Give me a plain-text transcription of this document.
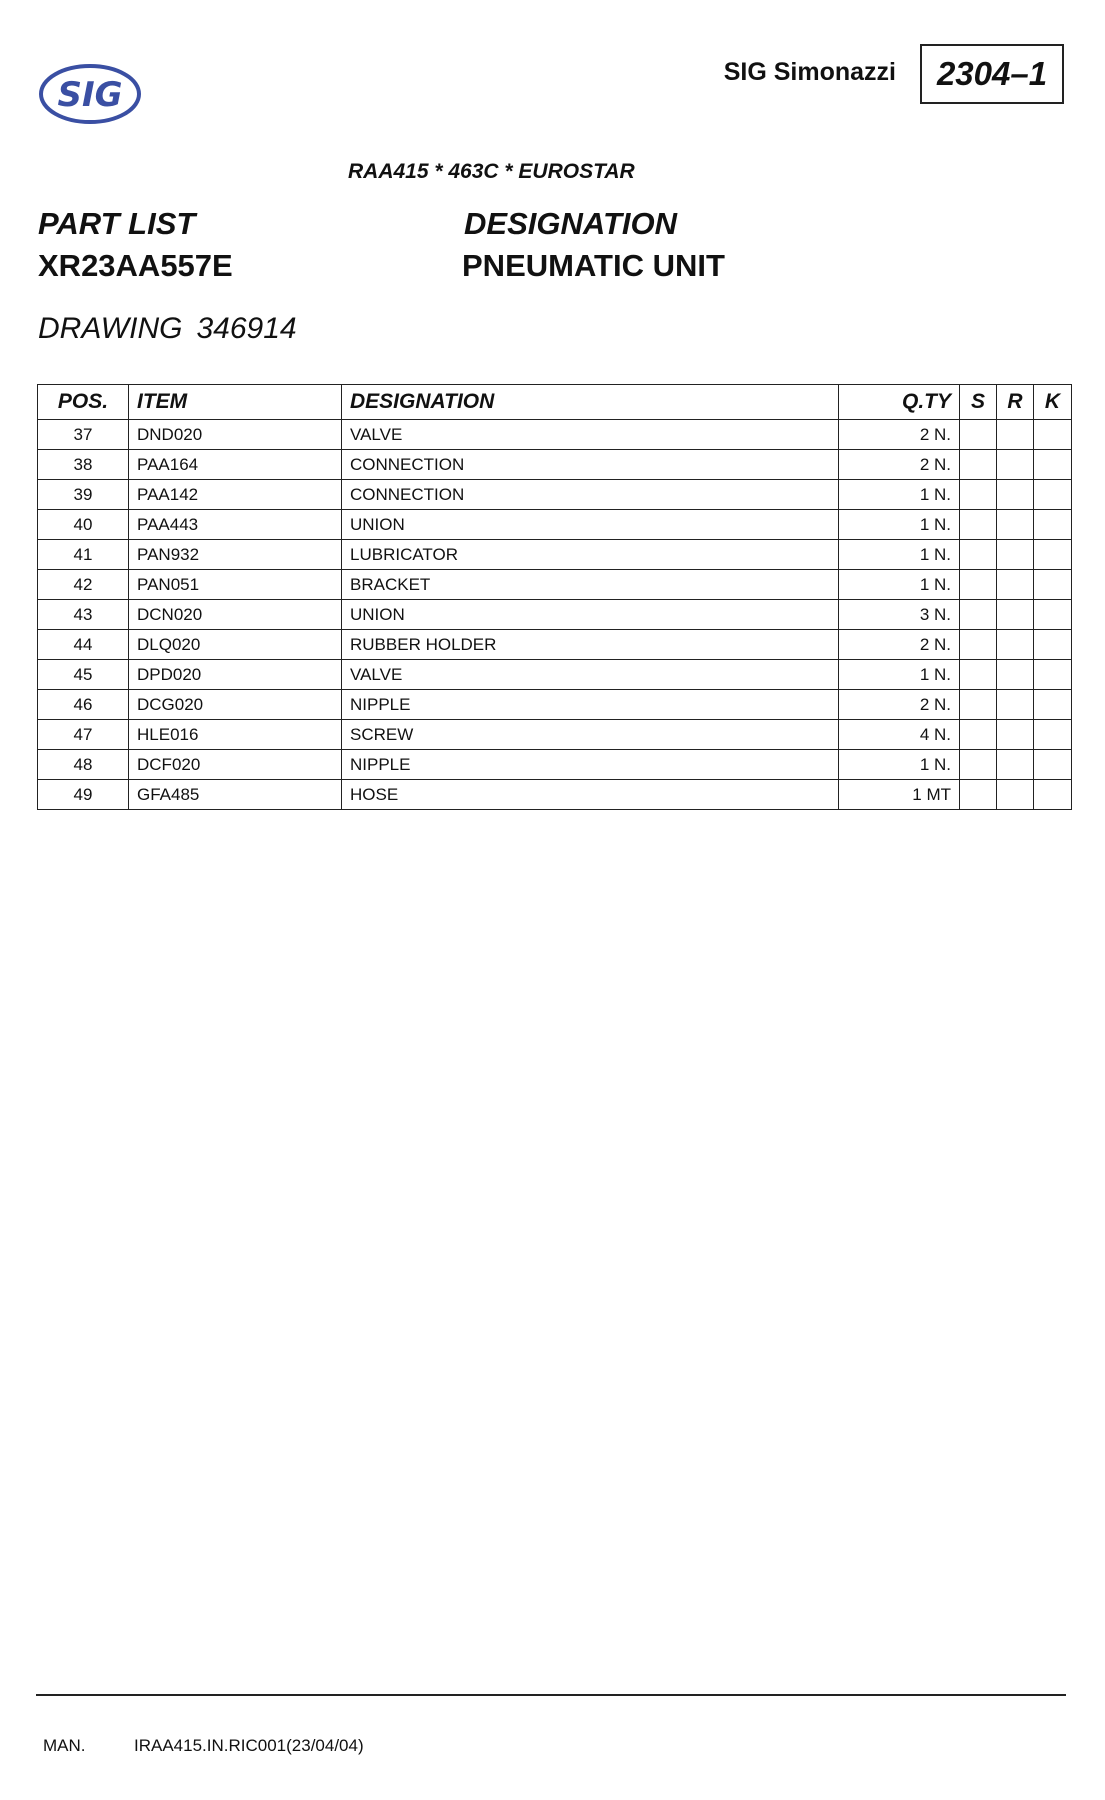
SIG
SIG Simonazzi	2304–1
RAA415 * 463C * EUROSTAR
PART LIST
XR23AA557E
DESIGNATION
PNEUMATIC UNIT
DRAWING 346914
POS.	ITEM	DESIGNATION	Q.TY	S	R	K
37	DND020	VALVE	2 N.			
38	PAA164	CONNECTION	2 N.			
39	PAA142	CONNECTION	1 N.			
40	PAA443	UNION	1 N.			
41	PAN932	LUBRICATOR	1 N.			
42	PAN051	BRACKET	1 N.			
43	DCN020	UNION	3 N.			
44	DLQ020	RUBBER HOLDER	2 N.			
45	DPD020	VALVE	1 N.			
46	DCG020	NIPPLE	2 N.			
47	HLE016	SCREW	4 N.			
48	DCF020	NIPPLE	1 N.			
49	GFA485	HOSE	1 MT			
MAN.	IRAA415.IN.RIC001(23/04/04)
